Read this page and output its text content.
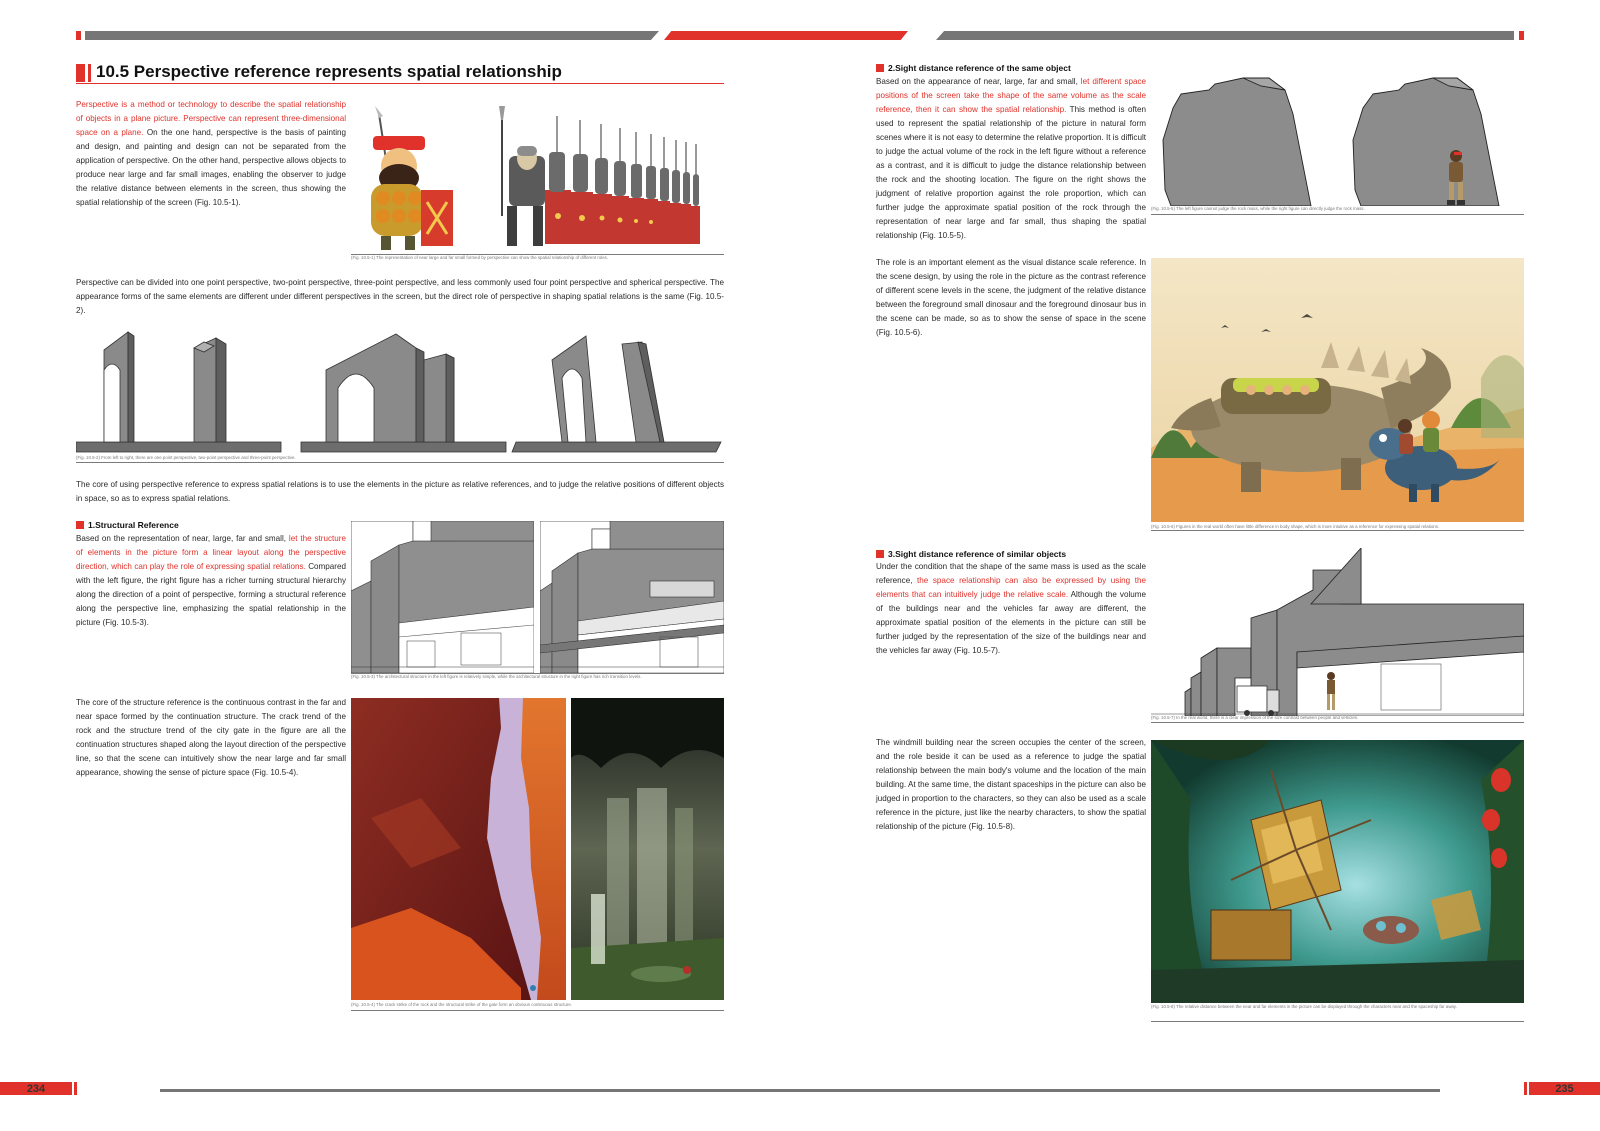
10.5 Perspective reference represents spatial relationship
Perspective is a method or technology to describe the spatial relationship of objects in a plane picture. Perspective can represent three-dimensional space on a plane. On the one hand, perspective is the basis of painting and design, and painting and design can not be separated from the application of perspective. On the other hand, perspective allows objects to produce near large and far small images, enabling the observer to judge the relative distance between elements in the screen, thus showing the spatial relationship of the screen (Fig. 10.5-1).
(Fig. 10.5-1) The representation of near large and far small formed by perspective can show the spatial relationship of different roles.
Perspective can be divided into one point perspective, two-point perspective, three-point perspective, and less commonly used four point perspective and spherical perspective. The appearance forms of the same elements are different under different perspectives in the screen, but the direct role of perspective in shaping spatial relations is the same (Fig. 10.5-2).
(Fig. 10.5-2) From left to right, there are one point perspective, two-point perspective and three-point perspective.
The core of using perspective reference to express spatial relations is to use the elements in the picture as relative references, and to judge the relative positions of different objects in space, so as to express spatial relations.
1.Structural Reference
Based on the representation of near, large, far and small, let the structure of elements in the picture form a linear layout along the perspective direction, which can play the role of expressing spatial relations. Compared with the left figure, the right figure has a richer turning structural hierarchy along the direction of a point of perspective, forming a structural reference along the perspective line, emphasizing the spatial relationship in the picture (Fig. 10.5-3).
(Fig. 10.5-3) The architectural structure in the left figure is relatively simple, while the architectural structure in the right figure has rich transition levels.
The core of the structure reference is the continuous contrast in the far and near space formed by the continuation structure. The crack trend of the rock and the structure trend of the city gate in the figure are all the continuation structures shaped along the layout direction of the perspective line, so that the scene can intuitively show the near large and far small appearance, showing the sense of picture space (Fig. 10.5-4).
(Fig. 10.5-4) The crack strike of the rock and the structural strike of the gate form an obvious continuous structure.
2.Sight distance reference of the same object
Based on the appearance of near, large, far and small, let different space positions of the screen take the shape of the same volume as the scale reference, then it can show the spatial relationship. This method is often used to represent the spatial relationship of the picture in natural form scenes where it is not easy to determine the relative proportion. It is difficult to judge the actual volume of the rock in the left figure without a reference as a contrast, and it is difficult to judge the distance relationship between the rock and the shooting location. The figure on the right shows the judgment of relative proportion against the role proportion, which can further judge the approximate spatial position of the rock through the representation of near large and far small, thus shaping the spatial relationship (Fig. 10.5-5).
(Fig. 10.5-5) The left figure cannot judge the rock mass, while the right figure can directly judge the rock mass.
The role is an important element as the visual distance scale reference. In the scene design, by using the role in the picture as the contrast reference of different scene levels in the scene, the judgment of the relative distance between the foreground small dinosaur and the foreground dinosaur bus in the scene can be made, so as to show the sense of space in the scene (Fig. 10.5-6).
(Fig. 10.5-6) Figures in the real world often have little difference in body shape, which is more intuitive as a reference for expressing spatial relations.
3.Sight distance reference of similar objects
Under the condition that the shape of the same mass is used as the scale reference, the space relationship can also be expressed by using the elements that can intuitively judge the relative scale. Although the volume of the buildings near and the vehicles far away are different, the approximate spatial position of the elements in the picture can still be further judged by the representation of the size of the buildings near and the vehicles far away (Fig. 10.5-7).
(Fig. 10.5-7) In the real world, there is a clear impression of the size contrast between people and vehicles.
The windmill building near the screen occupies the center of the screen, and the role beside it can be used as a reference to judge the spatial relationship between the main body's volume and the location of the main building. At the same time, the distant spaceships in the picture can also be judged in proportion to the characters, so they can also be used as a scale reference in the picture, just like the nearby characters, to show the spatial relationship of the picture (Fig. 10.5-8).
(Fig. 10.5-8) The relative distance between the near and far elements in the picture can be displayed through the characters near and the spaceship far away.
234	235
